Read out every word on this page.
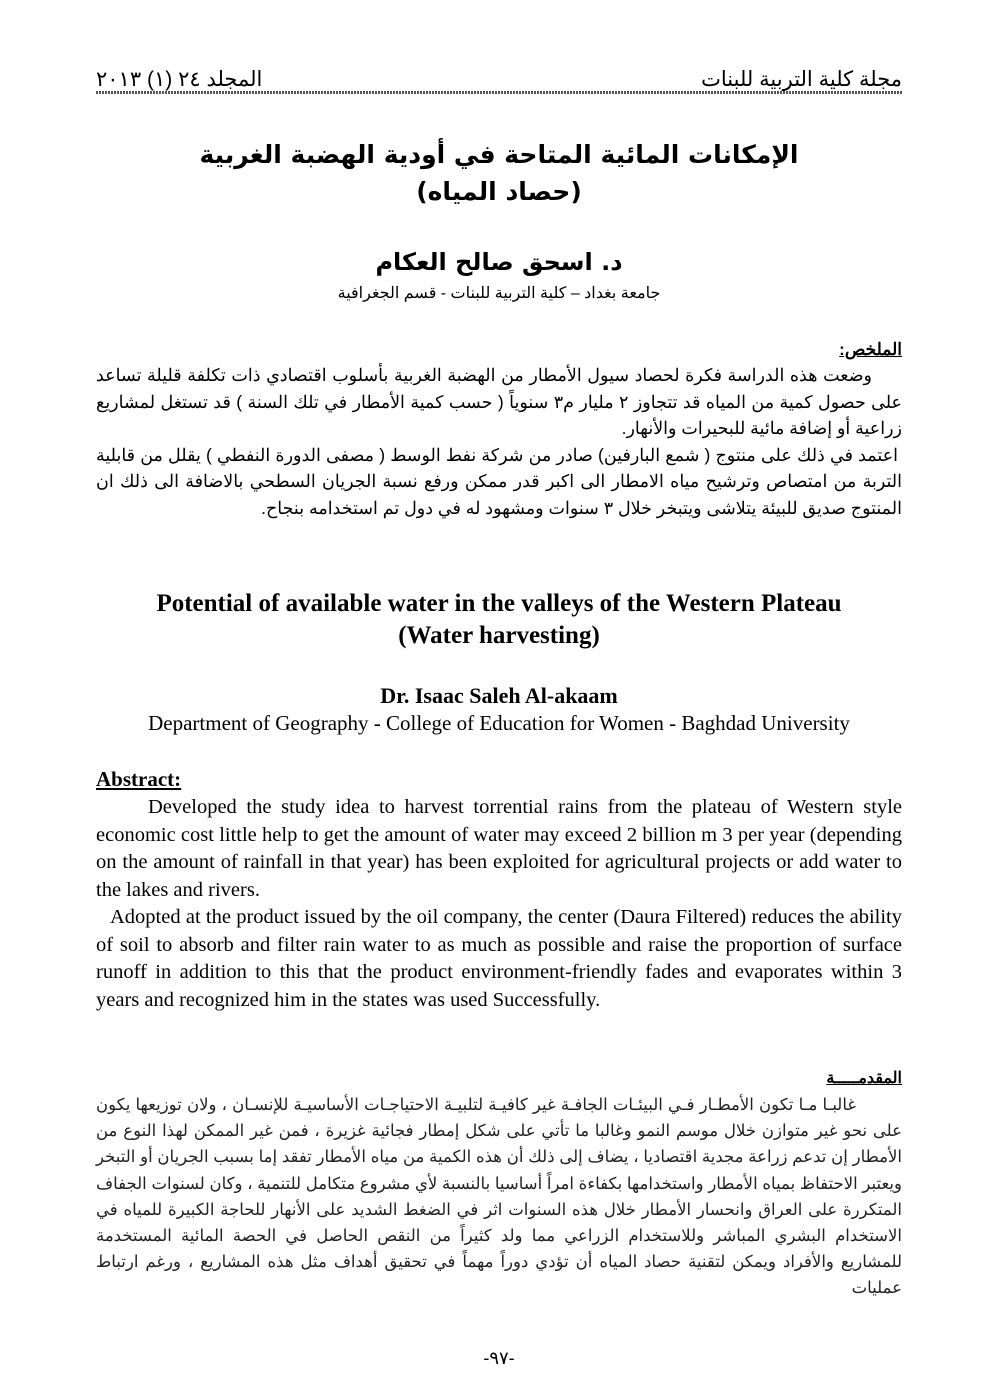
مجلة كلية التربية للبنات
المجلد ٢٤ (١) ٢٠١٣
الإمكانات المائية المتاحة في أودية الهضبة الغربية
(حصاد المياه)
د. اسحق صالح العكام
جامعة بغداد – كلية التربية للبنات - قسم الجغرافية
الملخص:

وضعت هذه الدراسة فكرة لحصاد سيول الأمطار من الهضبة الغربية بأسلوب اقتصادي ذات تكلفة قليلة تساعد على حصول كمية من المياه قد تتجاوز ٢ مليار م٣ سنوياً ( حسب كمية الأمطار في تلك السنة ) قد تستغل لمشاريع زراعية أو إضافة مائية للبحيرات والأنهار.

اعتمد في ذلك على منتوج ( شمع البارفين) صادر من شركة نفط الوسط ( مصفى الدورة النفطي ) يقلل من قابلية التربة من امتصاص وترشيح مياه الامطار الى اكبر قدر ممكن ورفع نسبة الجريان السطحي بالاضافة الى ذلك ان المنتوج صديق للبيئة يتلاشى ويتبخر خلال ٣ سنوات ومشهود له في دول تم استخدامه بنجاح.

Potential of available water in the valleys of the Western Plateau
(Water harvesting)
Dr. Isaac Saleh Al-akaam
Department of Geography - College of Education for Women - Baghdad University
Abstract:

Developed the study idea to harvest torrential rains from the plateau of Western style economic cost little help to get the amount of water may exceed 2 billion m 3 per year (depending on the amount of rainfall in that year) has been exploited for agricultural projects or add water to the lakes and rivers.

Adopted at the product issued by the oil company, the center (Daura Filtered) reduces the ability of soil to absorb and filter rain water to as much as possible and raise the proportion of surface runoff in addition to this that the product environment-friendly fades and evaporates within 3 years and recognized him in the states was used Successfully.

المقدمـــــة

غالبـا مـا تكون الأمطـار فـي البيئـات الجافـة غير كافيـة لتلبيـة الاحتياجـات الأساسيـة للإنسـان ، ولان توزيعها يكون على نحو غير متوازن خلال موسم النمو وغالبا ما تأتي على شكل إمطار فجائية غزيرة ، فمن غير الممكن لهذا النوع من الأمطار إن تدعم زراعة مجدية اقتصاديا ، يضاف إلى ذلك أن هذه الكمية من مياه الأمطار تفقد إما بسبب الجريان أو التبخر ويعتبر الاحتفاظ بمياه الأمطار واستخدامها بكفاءة امراً أساسيا بالنسبة لأي مشروع متكامل للتنمية ، وكان لسنوات الجفاف المتكررة على العراق وانحسار الأمطار خلال هذه السنوات اثر في الضغط الشديد على الأنهار للحاجة الكبيرة للمياه في الاستخدام البشري المباشر وللاستخدام الزراعي مما ولد كثيراً من النقص الحاصل في الحصة المائية المستخدمة للمشاريع والأفراد ويمكن لتقنية حصاد المياه أن تؤدي دوراً مهماً في تحقيق أهداف مثل هذه المشاريع ، ورغم ارتباط عمليات

-٩٧-
